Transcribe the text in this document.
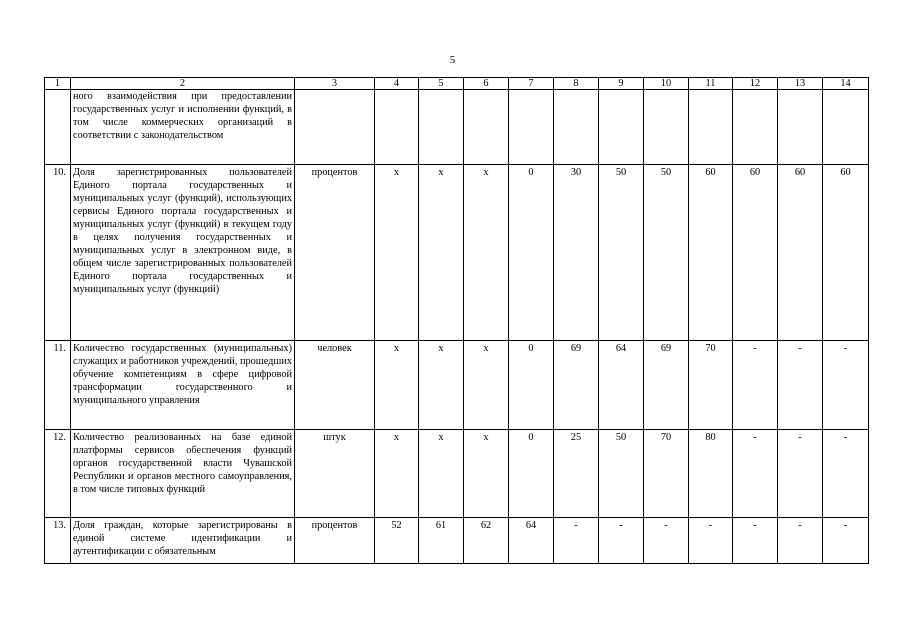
5
1	2	3	4	5	6	7	8	9	10	11	12	13	14
	ного взаимодействия при предоставлении государственных услуг и исполнении функций, в том числе коммерческих организаций в соответствии с законодательством												
10.	Доля зарегистрированных пользователей Единого портала государственных и муниципальных услуг (функций), использующих сервисы Единого портала государственных и муниципальных услуг (функций) в текущем году в целях получения государственных и муниципальных услуг в электронном виде, в общем числе зарегистрированных пользователей Единого портала государственных и муниципальных услуг (функций)	процентов	х	х	х	0	30	50	50	60	60	60	60
11.	Количество государственных (муниципальных) служащих и работников учреждений, прошедших обучение компетенциям в сфере цифровой трансформации государственного и муниципального управления	человек	х	х	х	0	69	64	69	70	-	-	-
12.	Количество реализованных на базе единой платформы сервисов обеспечения функций органов государственной власти Чувашской Республики и органов местного самоуправления, в том числе типовых функций	штук	х	х	х	0	25	50	70	80	-	-	-
13.	Доля граждан, которые зарегистрированы в единой системе идентификации и аутентификации с обязательным	процентов	52	61	62	64	-	-	-	-	-	-	-
